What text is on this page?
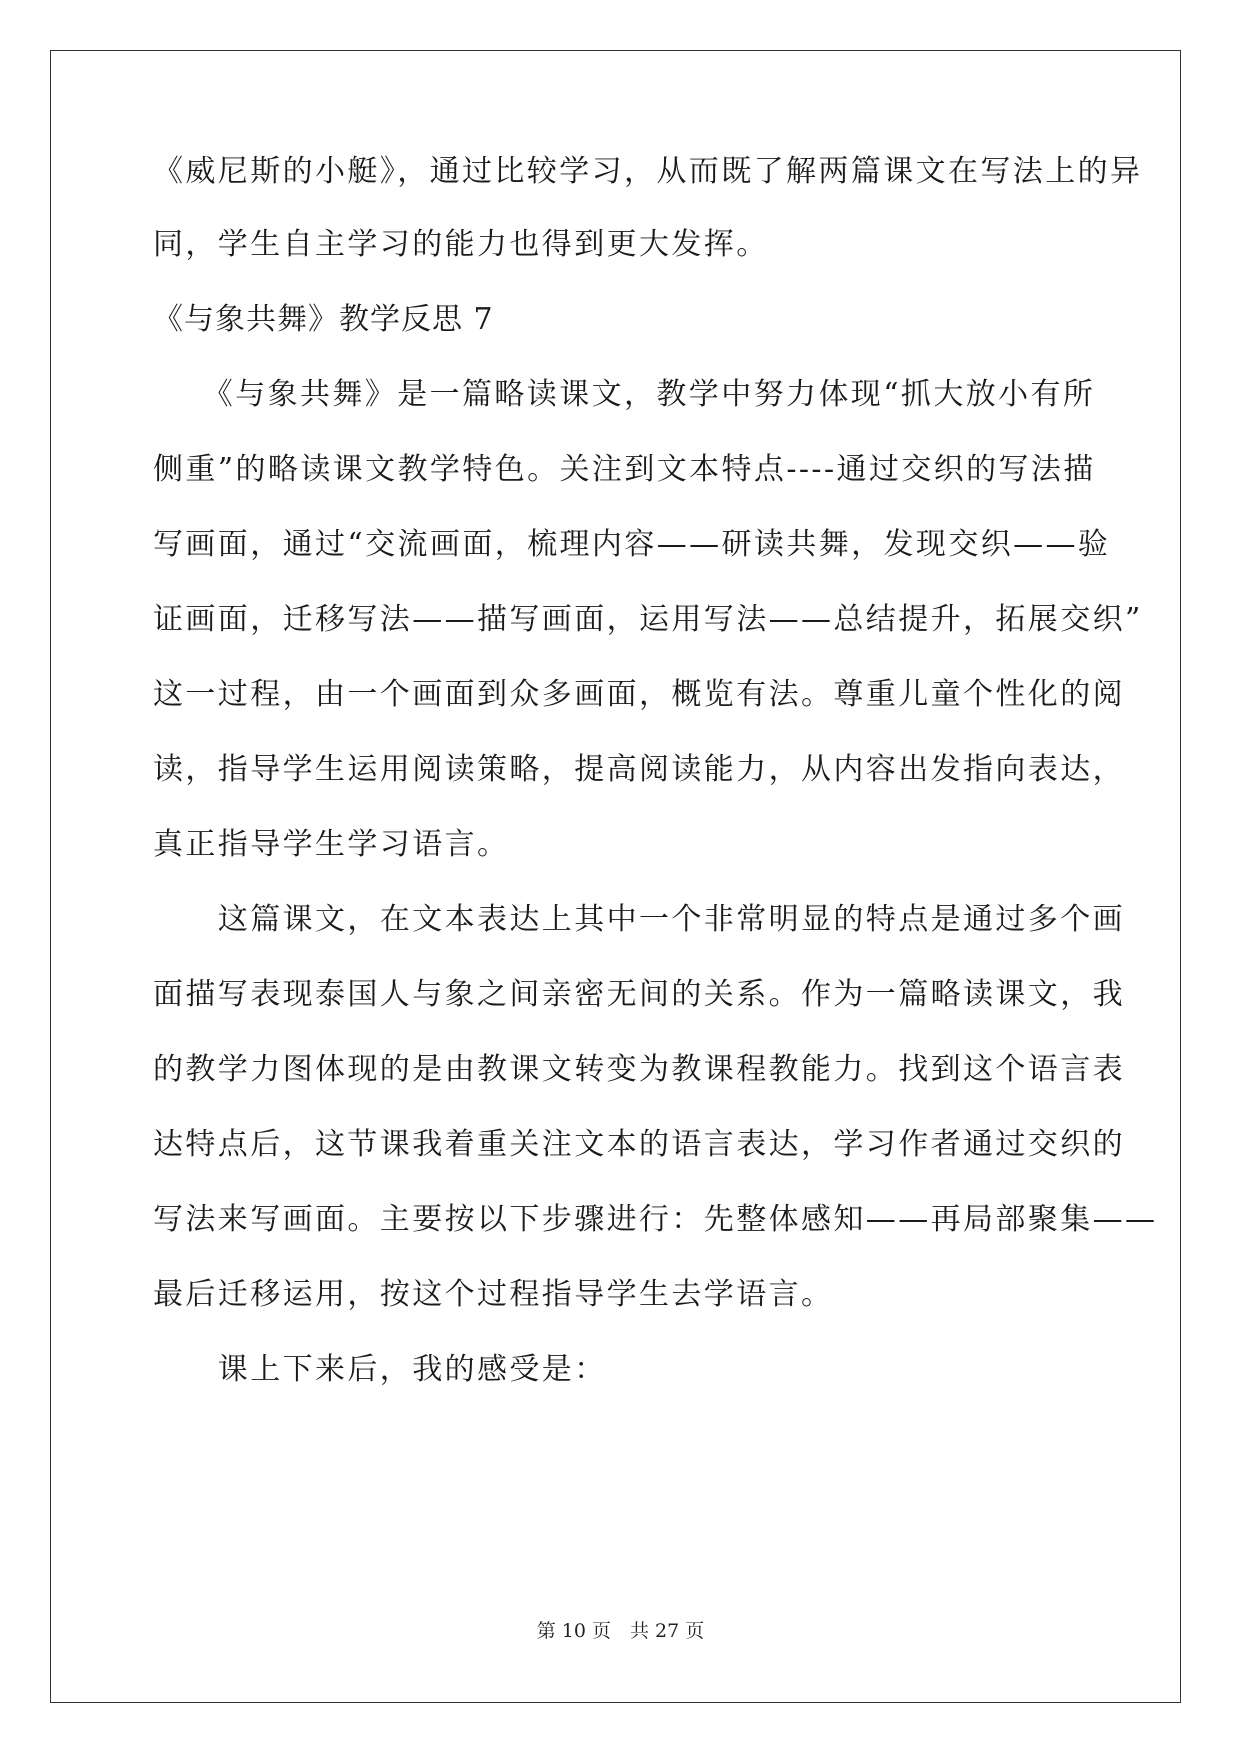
《威尼斯的小艇》，通过比较学习，从而既了解两篇课文在写法上的异
同，学生自主学习的能力也得到更大发挥。
《与象共舞》教学反思 7
　　《与象共舞》是一篇略读课文，教学中努力体现“抓大放小有所
侧重”的略读课文教学特色。关注到文本特点----通过交织的写法描
写画面，通过“交流画面，梳理内容——研读共舞，发现交织——验
证画面，迁移写法——描写画面，运用写法——总结提升，拓展交织”
这一过程，由一个画面到众多画面，概览有法。尊重儿童个性化的阅
读，指导学生运用阅读策略，提高阅读能力，从内容出发指向表达，
真正指导学生学习语言。
　　这篇课文，在文本表达上其中一个非常明显的特点是通过多个画
面描写表现泰国人与象之间亲密无间的关系。作为一篇略读课文，我
的教学力图体现的是由教课文转变为教课程教能力。找到这个语言表
达特点后，这节课我着重关注文本的语言表达，学习作者通过交织的
写法来写画面。主要按以下步骤进行：先整体感知——再局部聚集——
最后迁移运用，按这个过程指导学生去学语言。
　　课上下来后，我的感受是：
第 10 页　共 27 页
